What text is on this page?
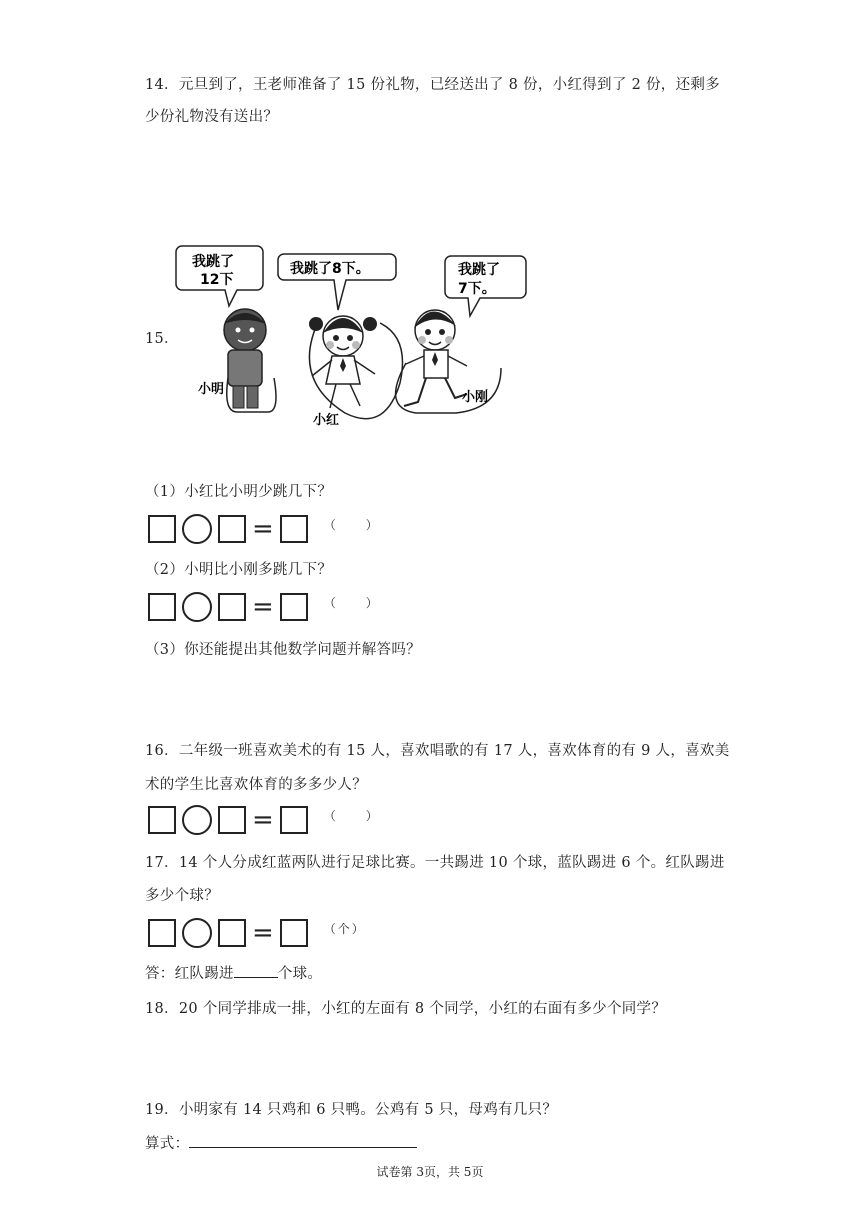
14．元旦到了，王老师准备了 15 份礼物，已经送出了 8 份，小红得到了 2 份，还剩多
少份礼物没有送出？
15．
我跳了
12下
我跳了8下。	我跳了
7下。
小明
小红
小刚
（1）小红比小明少跳几下？
=	（　　）
（2）小明比小刚多跳几下？
=	（　　）
（3）你还能提出其他数学问题并解答吗？
16．二年级一班喜欢美术的有 15 人，喜欢唱歌的有 17 人，喜欢体育的有 9 人，喜欢美
术的学生比喜欢体育的多多少人？
=	（　　）
17．14 个人分成红蓝两队进行足球比赛。一共踢进 10 个球，蓝队踢进 6 个。红队踢进
多少个球？
=	（个）
答：红队踢进	个球。
18．20 个同学排成一排，小红的左面有 8 个同学，小红的右面有多少个同学？
19．小明家有 14 只鸡和 6 只鸭。公鸡有 5 只，母鸡有几只？
算式：
试卷第 3页，共 5页
